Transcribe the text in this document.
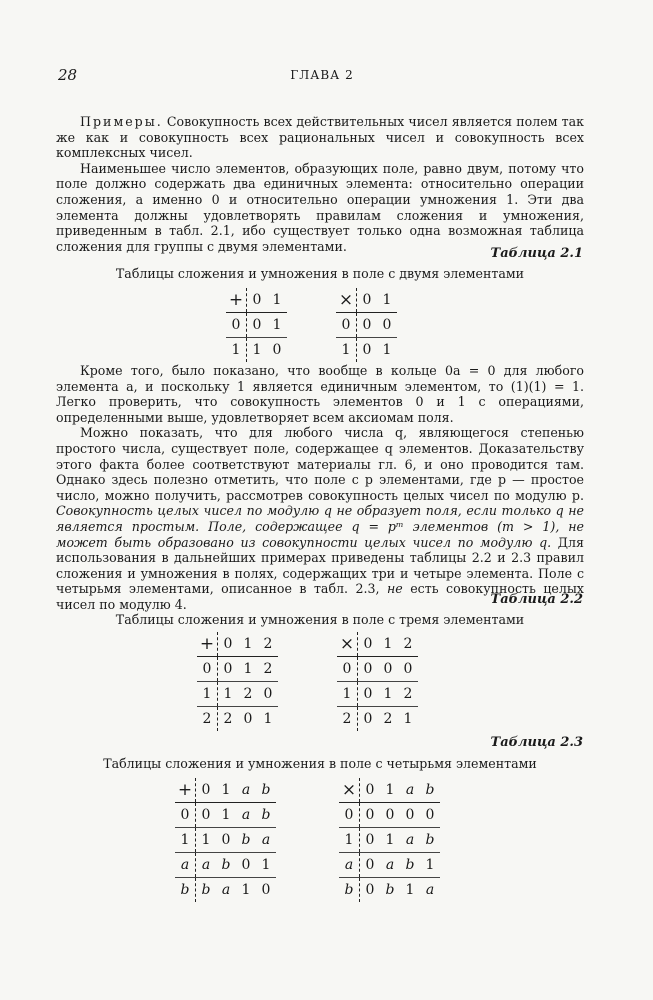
28	ГЛАВА 2

Примеры. Совокупность всех действительных чисел является полем так же как и совокупность всех рациональных чисел и совокупность всех комплексных чисел.

Наименьшее число элементов, образующих поле, равно двум, потому что поле должно содержать два единичных элемента: относительно операции сложения, а именно 0 и относительно операции умножения 1. Эти два элемента должны удовлетворять правилам сложения и умножения, приведенным в табл. 2.1, ибо существует только одна возможная таблица сложения для группы с двумя элементами.	Таблица 2.1
Таблицы сложения и умножения в поле с двумя элементами
+	0	1
0	0	1
1	1	0
×	0	1
0	0	0
1	0	1

Кроме того, было показано, что вообще в кольце 0a = 0 для любого элемента a, и поскольку 1 является единичным элементом, то (1)(1) = 1. Легко проверить, что совокупность элементов 0 и 1 с операциями, определенными выше, удовлетворяет всем аксиомам поля.

Можно показать, что для любого числа q, являющегося степенью простого числа, существует поле, содержащее q элементов. Доказательству этого факта более соответствуют материалы гл. 6, и оно проводится там. Однако здесь полезно отметить, что поле с p элементами, где p — простое число, можно получить, рассмотрев совокупность целых чисел по модулю p. Совокупность целых чисел по модулю q не образует поля, если только q не является простым. Поле, содержащее q = pᵐ элементов (m > 1), не может быть образовано из совокупности целых чисел по модулю q. Для использования в дальнейших примерах приведены таблицы 2.2 и 2.3 правил сложения и умножения в полях, содержащих три и четыре элемента. Поле с четырьмя элементами, описанное в табл. 2.3, не есть совокупность целых чисел по модулю 4.	Таблица 2.2
Таблицы сложения и умножения в поле с тремя элементами
+	0	1	2
0	0	1	2
1	1	2	0
2	2	0	1
×	0	1	2
0	0	0	0
1	0	1	2
2	0	2	1
Таблица 2.3
Таблицы сложения и умножения в поле с четырьмя элементами
+	0	1	a	b
0	0	1	a	b
1	1	0	b	a
a	a	b	0	1
b	b	a	1	0
×	0	1	a	b
0	0	0	0	0
1	0	1	a	b
a	0	a	b	1
b	0	b	1	a
